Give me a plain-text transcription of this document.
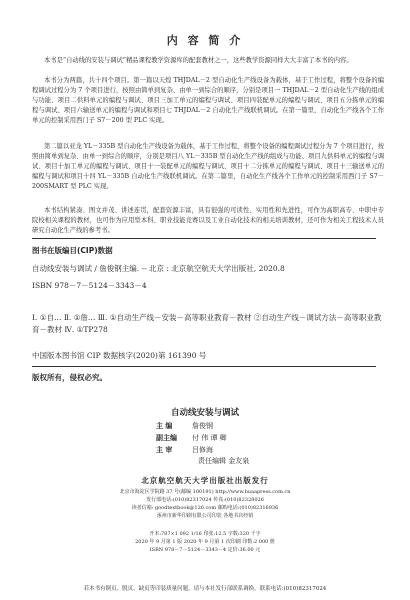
内 容 简 介

本书是“自动线的安装与调试”精品课程教学资源库的配套教材之一，这些教学资源同样大大丰富了本书的内容。

本书分为两篇，共十四个项目。第一篇以天煌 THJDAL－2 型自动化生产线设备为载体，基于工作过程，将整个设备的编程调试过程分为 7 个项目进行，按照由简单到复杂、由单一到综合的顺序，分别是项目一 THJDAL－2 型自动化生产线的组成与功能、项目二供料单元的编程与调试、项目三加工单元的编程与调试、项目四装配单元的编程与调试、项目五分拣单元的编程与调试、项目六输送单元的编程与调试和项目七 THJDAL－2 自动化生产线联机调试。在第一篇里，自动化生产线各个工作单元的控制采用西门子 S7－200 型 PLC 实现。

第二篇以亚龙 YL－335B 型自动化生产线设备为载体，基于工作过程，将整个设备的编程调试过程分为 7 个项目进行，按照由简单到复杂、由单一到综合的顺序，分别是项目八 YL－335B 型自动化生产线的组成与功能、项目九供料单元的编程与调试、项目十加工单元的编程与调试、项目十一装配单元的编程与调试、项目十二分拣单元的编程与调试、项目十三输送单元的编程与调试和项目十四 YL－335B 自动化生产线联机调试。在第二篇里，自动化生产线各个工作单元的控制采用西门子 S7－200SMART 型 PLC 实现。

本书结构紧凑、图文并茂、讲述连贯，配套资源丰富，具有很强的可读性、实用性和先进性，可作为高职高专、中职中专院校相关课程的教材，也可作为应用型本科、职业技能竞赛以及工业自动化技术的相关培训教材，还可作为相关工程技术人员研究自动化生产线的参考书。

图书在版编目(CIP)数据
自动线安装与调试 / 詹俊钢主编. -- 北京 : 北京航空航天大学出版社, 2020.8
ISBN 978－7－5124－3343－4
Ⅰ. ①自… Ⅱ. ①詹… Ⅲ. ①自动生产线－安装－高等职业教育－教材 ②自动生产线－调试方法－高等职业教育－教材 Ⅳ. ①TP278
中国版本图书馆 CIP 数据核字(2020)第 161390 号
版权所有，侵权必究。
自动线安装与调试
主 编	詹俊钢
副主编 付 伟 谭 卿
主 审	吕修海
责任编辑 金友泉
北京航空航天大学出版社出版发行
北京市海淀区学院路 37 号(邮编 100191) http://www.buaapress.com.cn
发行部电话:(010)82317024 传真:(010)82328026
读者信箱: goodtextbook@126.com 邮购电话:(010)82316936
涿州市新华印刷有限公司印装 各地书店经销
开本:787×1 092 1/16 印张:12.5 字数:320 千字
2020 年 9 月第 1 版 2020 年 9 月第 1 次印刷 印数:2 000 册
ISBN 978－7－5124－3343－4 定价:36.00 元
若本书有倒页、脱页、缺页等印装质量问题，请与本社发行部联系调换。联系电话:(010)82317024
